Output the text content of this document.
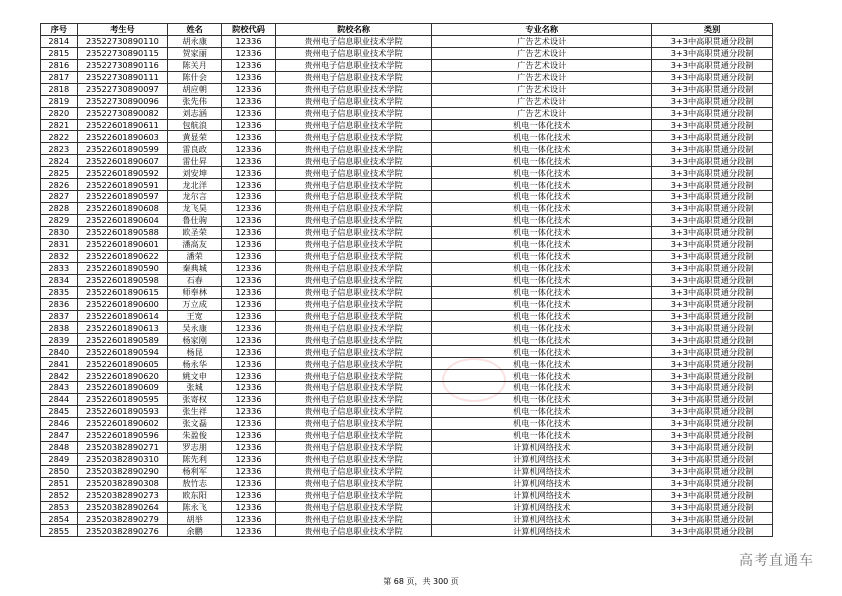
序号	考生号	姓名	院校代码	院校名称	专业名称	类别
2814	23522730890110	胡永康	12336	贵州电子信息职业技术学院	广告艺术设计	3+3中高职贯通分段制
2815	23522730890115	贺家丽	12336	贵州电子信息职业技术学院	广告艺术设计	3+3中高职贯通分段制
2816	23522730890116	陈关月	12336	贵州电子信息职业技术学院	广告艺术设计	3+3中高职贯通分段制
2817	23522730890111	陈什会	12336	贵州电子信息职业技术学院	广告艺术设计	3+3中高职贯通分段制
2818	23522730890097	胡应朝	12336	贵州电子信息职业技术学院	广告艺术设计	3+3中高职贯通分段制
2819	23522730890096	张先伟	12336	贵州电子信息职业技术学院	广告艺术设计	3+3中高职贯通分段制
2820	23522730890082	刘志涵	12336	贵州电子信息职业技术学院	广告艺术设计	3+3中高职贯通分段制
2821	23522601890611	包航浪	12336	贵州电子信息职业技术学院	机电一体化技术	3+3中高职贯通分段制
2822	23522601890603	黄显荣	12336	贵州电子信息职业技术学院	机电一体化技术	3+3中高职贯通分段制
2823	23522601890599	雷良政	12336	贵州电子信息职业技术学院	机电一体化技术	3+3中高职贯通分段制
2824	23522601890607	雷仕昇	12336	贵州电子信息职业技术学院	机电一体化技术	3+3中高职贯通分段制
2825	23522601890592	刘安坤	12336	贵州电子信息职业技术学院	机电一体化技术	3+3中高职贯通分段制
2826	23522601890591	龙北洋	12336	贵州电子信息职业技术学院	机电一体化技术	3+3中高职贯通分段制
2827	23522601890597	龙尔言	12336	贵州电子信息职业技术学院	机电一体化技术	3+3中高职贯通分段制
2828	23522601890608	龙飞昊	12336	贵州电子信息职业技术学院	机电一体化技术	3+3中高职贯通分段制
2829	23522601890604	鲁仕驹	12336	贵州电子信息职业技术学院	机电一体化技术	3+3中高职贯通分段制
2830	23522601890588	欧圣荣	12336	贵州电子信息职业技术学院	机电一体化技术	3+3中高职贯通分段制
2831	23522601890601	潘高友	12336	贵州电子信息职业技术学院	机电一体化技术	3+3中高职贯通分段制
2832	23522601890622	潘荣	12336	贵州电子信息职业技术学院	机电一体化技术	3+3中高职贯通分段制
2833	23522601890590	秦典城	12336	贵州电子信息职业技术学院	机电一体化技术	3+3中高职贯通分段制
2834	23522601890598	石春	12336	贵州电子信息职业技术学院	机电一体化技术	3+3中高职贯通分段制
2835	23522601890615	师奉林	12336	贵州电子信息职业技术学院	机电一体化技术	3+3中高职贯通分段制
2836	23522601890600	万立成	12336	贵州电子信息职业技术学院	机电一体化技术	3+3中高职贯通分段制
2837	23522601890614	王宽	12336	贵州电子信息职业技术学院	机电一体化技术	3+3中高职贯通分段制
2838	23522601890613	吴永康	12336	贵州电子信息职业技术学院	机电一体化技术	3+3中高职贯通分段制
2839	23522601890589	杨家刚	12336	贵州电子信息职业技术学院	机电一体化技术	3+3中高职贯通分段制
2840	23522601890594	杨昆	12336	贵州电子信息职业技术学院	机电一体化技术	3+3中高职贯通分段制
2841	23522601890605	杨永华	12336	贵州电子信息职业技术学院	机电一体化技术	3+3中高职贯通分段制
2842	23522601890620	姚文申	12336	贵州电子信息职业技术学院	机电一体化技术	3+3中高职贯通分段制
2843	23522601890609	张城	12336	贵州电子信息职业技术学院	机电一体化技术	3+3中高职贯通分段制
2844	23522601890595	张寄权	12336	贵州电子信息职业技术学院	机电一体化技术	3+3中高职贯通分段制
2845	23522601890593	张生祥	12336	贵州电子信息职业技术学院	机电一体化技术	3+3中高职贯通分段制
2846	23522601890602	张文磊	12336	贵州电子信息职业技术学院	机电一体化技术	3+3中高职贯通分段制
2847	23522601890596	朱盈俊	12336	贵州电子信息职业技术学院	机电一体化技术	3+3中高职贯通分段制
2848	23520382890271	罗志朋	12336	贵州电子信息职业技术学院	计算机网络技术	3+3中高职贯通分段制
2849	23520382890310	陈先利	12336	贵州电子信息职业技术学院	计算机网络技术	3+3中高职贯通分段制
2850	23520382890290	杨利军	12336	贵州电子信息职业技术学院	计算机网络技术	3+3中高职贯通分段制
2851	23520382890308	敖竹志	12336	贵州电子信息职业技术学院	计算机网络技术	3+3中高职贯通分段制
2852	23520382890273	欧东阳	12336	贵州电子信息职业技术学院	计算机网络技术	3+3中高职贯通分段制
2853	23520382890264	陈永飞	12336	贵州电子信息职业技术学院	计算机网络技术	3+3中高职贯通分段制
2854	23520382890279	胡举	12336	贵州电子信息职业技术学院	计算机网络技术	3+3中高职贯通分段制
2855	23520382890276	余鹏	12336	贵州电子信息职业技术学院	计算机网络技术	3+3中高职贯通分段制
第 68 页，共 300 页
高考直通车
